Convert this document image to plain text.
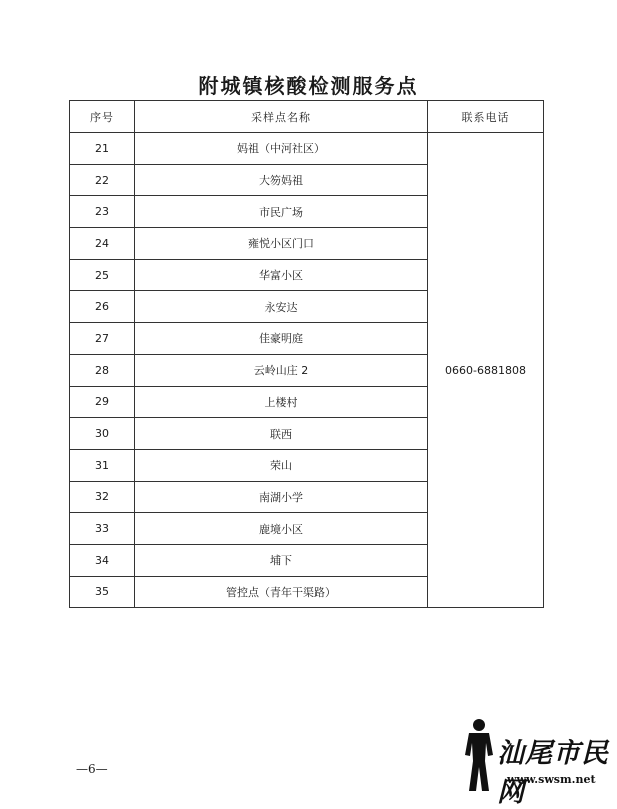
附城镇核酸检测服务点
序号	采样点名称	联系电话
21	妈祖（中河社区）	0660-6881808
22	大笏妈祖	
23	市民广场	
24	雍悦小区门口	
25	华富小区	
26	永安达	
27	佳豪明庭	
28	云岭山庄 2	
29	上楼村	
30	联西	
31	荣山	
32	南湖小学	
33	鹿境小区	
34	埔下	
35	管控点（青年干渠路）	
—6—	汕尾市民网
www.swsm.net
